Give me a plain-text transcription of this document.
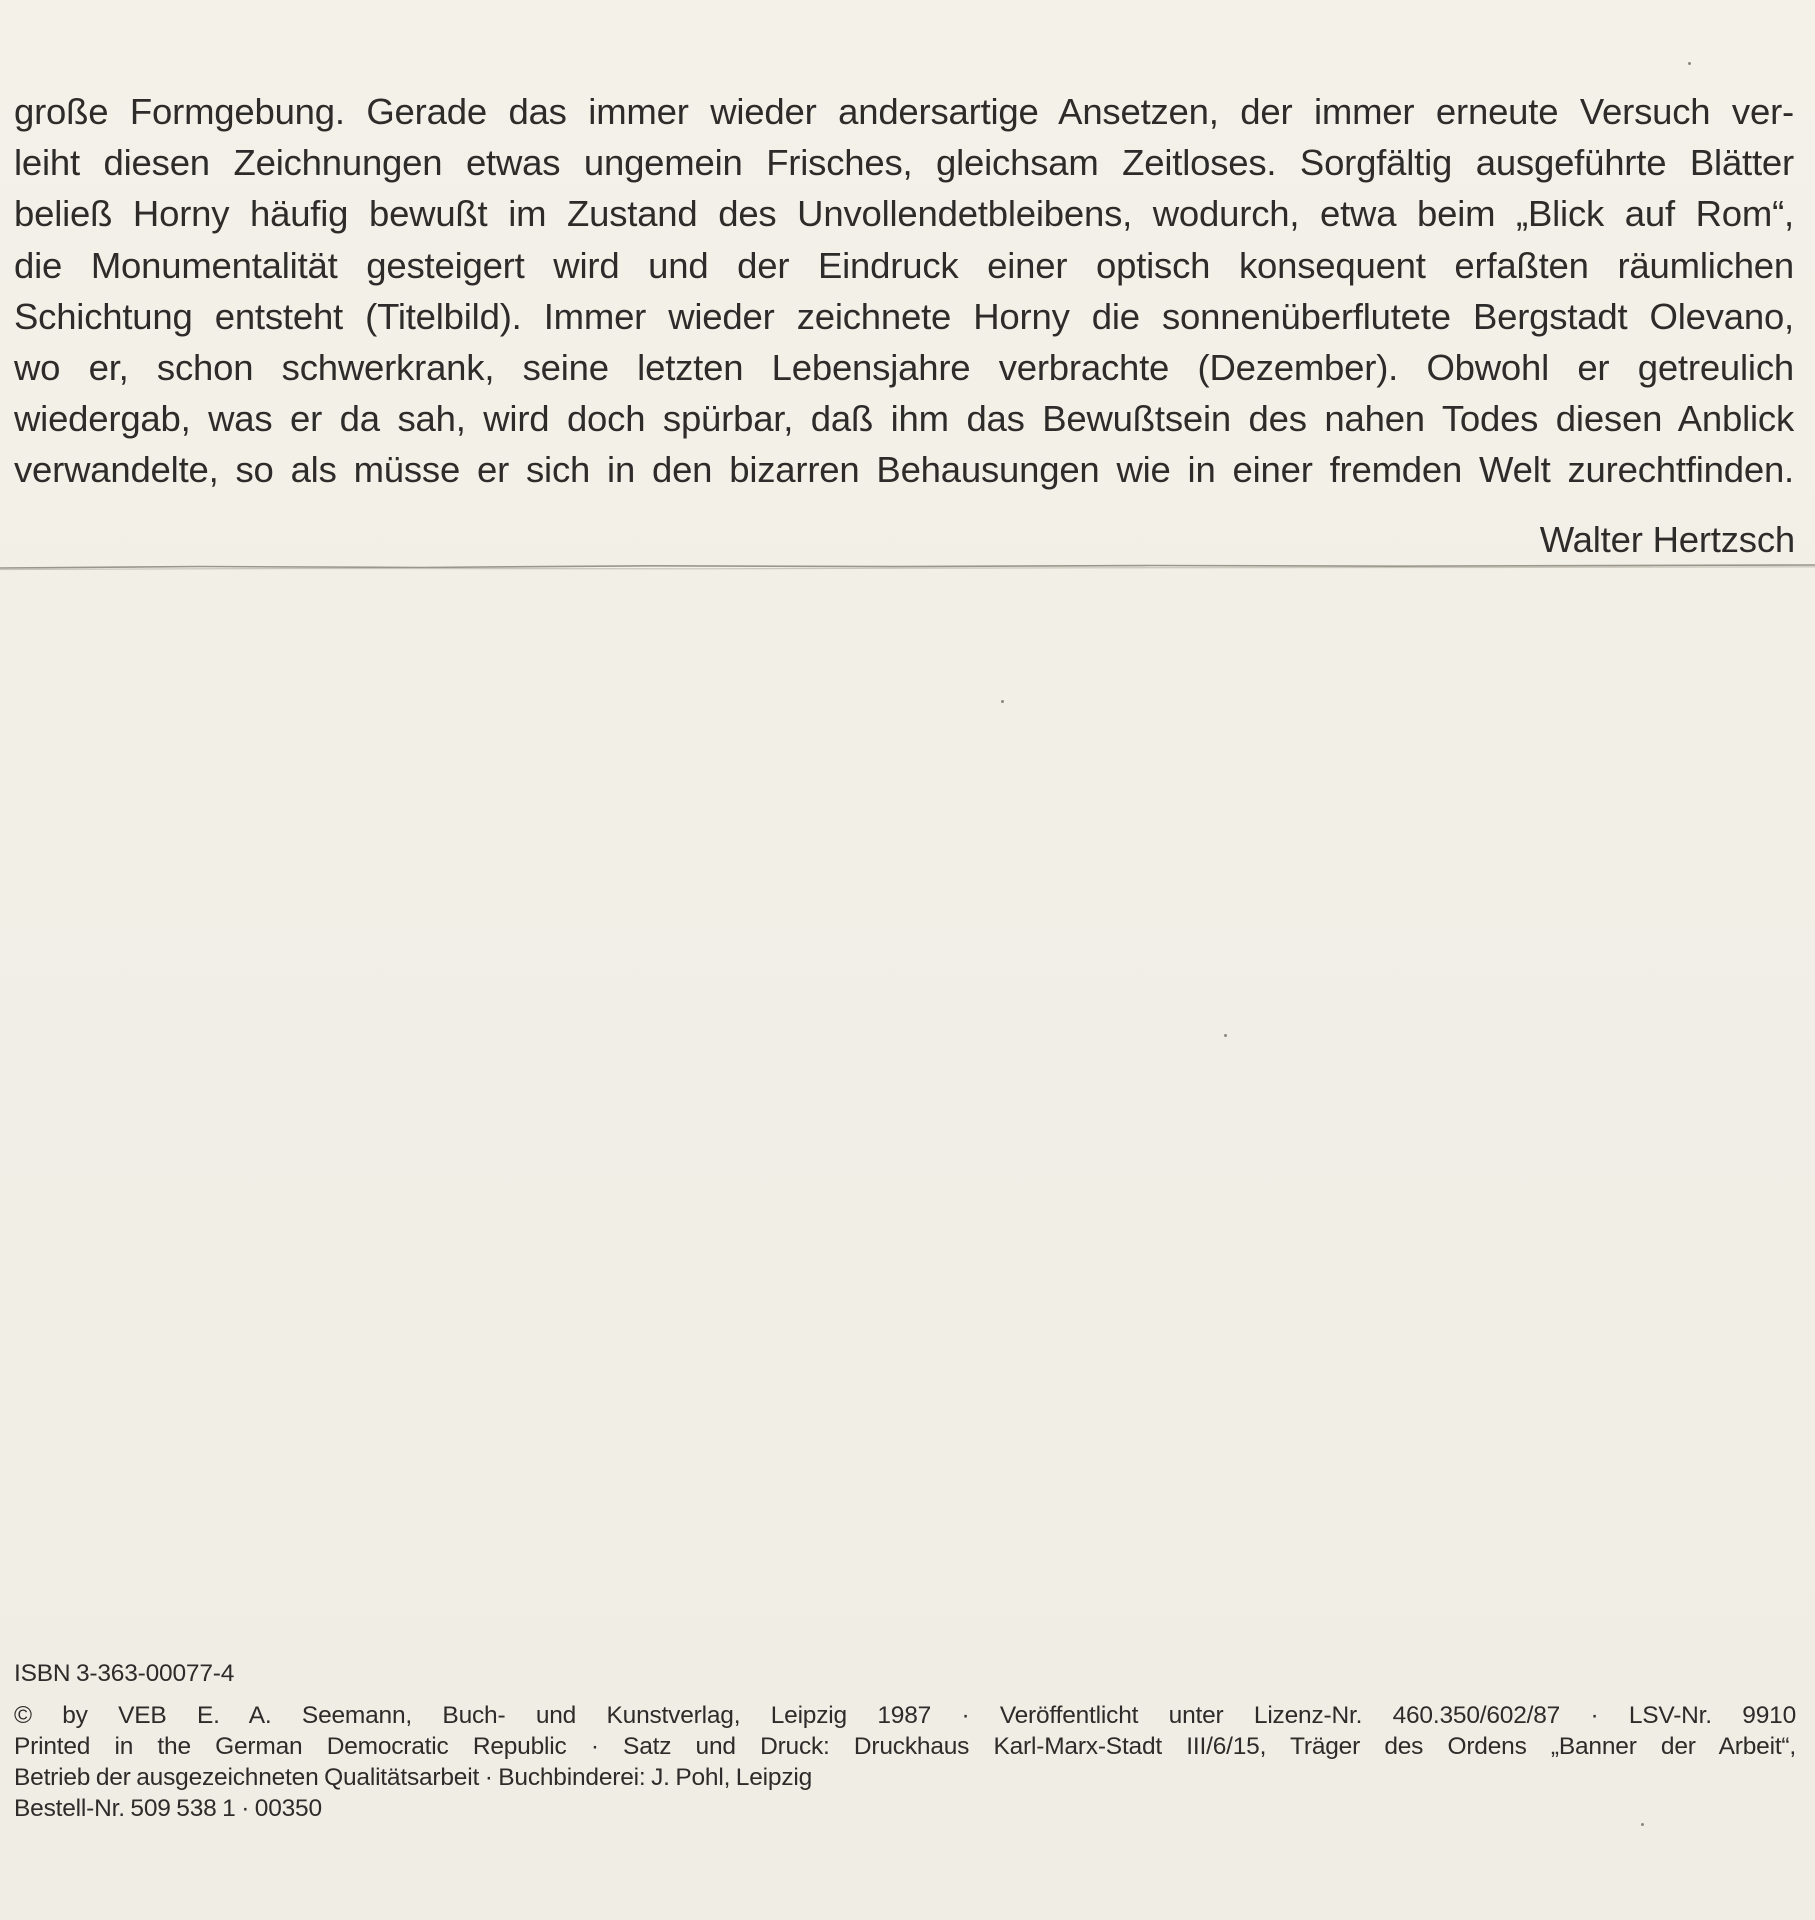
große Formgebung. Gerade das immer wieder andersartige Ansetzen, der immer erneute Versuch ver-
leiht diesen Zeichnungen etwas ungemein Frisches, gleichsam Zeitloses. Sorgfältig ausgeführte Blätter
beließ Horny häufig bewußt im Zustand des Unvollendetbleibens, wodurch, etwa beim „Blick auf Rom“,
die Monumentalität gesteigert wird und der Eindruck einer optisch konsequent erfaßten räumlichen
Schichtung entsteht (Titelbild). Immer wieder zeichnete Horny die sonnenüberflutete Bergstadt Olevano,
wo er, schon schwerkrank, seine letzten Lebensjahre verbrachte (Dezember). Obwohl er getreulich
wiedergab, was er da sah, wird doch spürbar, daß ihm das Bewußtsein des nahen Todes diesen Anblick
verwandelte, so als müsse er sich in den bizarren Behausungen wie in einer fremden Welt zurechtfinden.
Walter Hertzsch
ISBN 3-363-00077-4
© by VEB E. A. Seemann, Buch- und Kunstverlag, Leipzig 1987 · Veröffentlicht unter Lizenz-Nr. 460.350/602/87 · LSV-Nr. 9910
Printed in the German Democratic Republic · Satz und Druck: Druckhaus Karl-Marx-Stadt III/6/15, Träger des Ordens „Banner der Arbeit“,
Betrieb der ausgezeichneten Qualitätsarbeit · Buchbinderei: J. Pohl, Leipzig
Bestell-Nr. 509 538 1 · 00350
